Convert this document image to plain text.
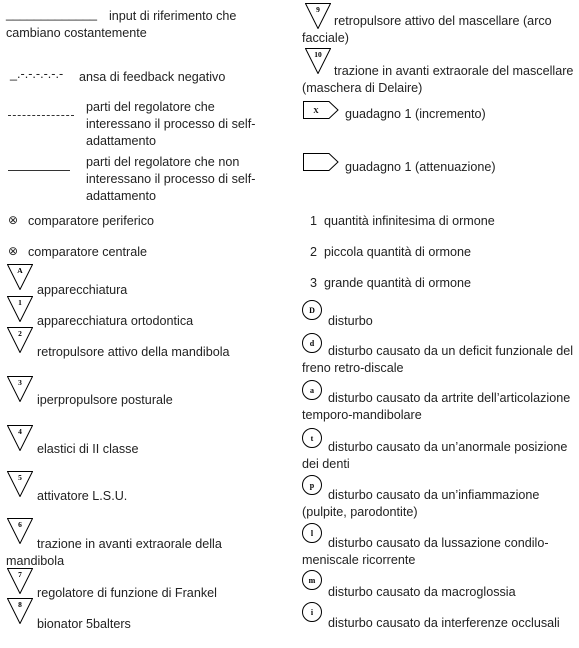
_____________ input di riferimento che cambiano costantemente
_.-.-.-.-.-.- ansa di feedback negativo
parti del regolatore che interessano il processo di self-adattamento
parti del regolatore che non interessano il processo di self-adattamento
⊗ comparatore periferico
⊗ comparatore centrale
A
apparecchiatura
1
apparecchiatura ortodontica
2
retropulsore attivo della mandibola
3
iperpropulsore posturale
4
elastici di II classe
5
attivatore L.S.U.
6
trazione in avanti extraorale della mandibola
7
regolatore di funzione di Frankel
8
bionator 5balters
9
retropulsore attivo del mascellare (arco facciale)
10
trazione in avanti extraorale del mascellare (maschera di Delaire)
X guadagno 1 (incremento)
guadagno 1 (attenuazione)
1 quantità infinitesima di ormone
2 piccola quantità di ormone
3 grande quantità di ormone
D
disturbo
d
disturbo causato da un deficit funzionale del freno retro-discale
a
disturbo causato da artrite dell’articolazione temporo-mandibolare
t
disturbo causato da un’anormale posizione dei denti
p
disturbo causato da un’infiammazione (pulpite, parodontite)
l
disturbo causato da lussazione condilo-meniscale ricorrente
m
disturbo causato da macroglossia
i
disturbo causato da interferenze occlusali
